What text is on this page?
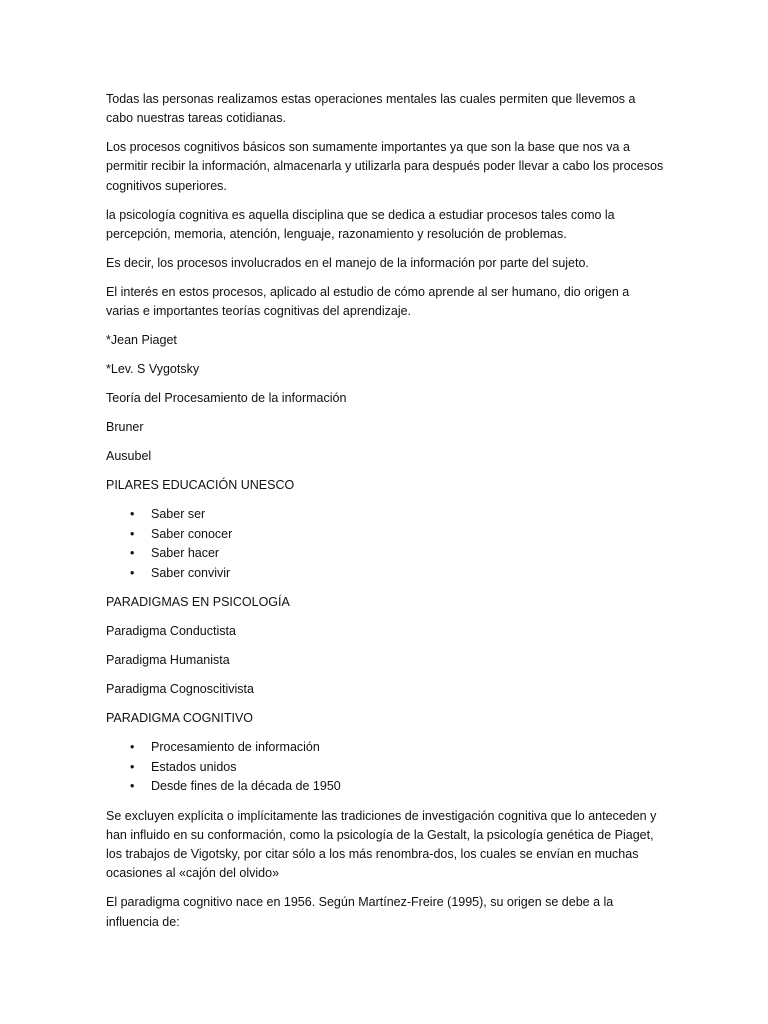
Todas las personas realizamos estas operaciones mentales las cuales permiten que llevemos a cabo nuestras tareas cotidianas.

Los procesos cognitivos básicos son sumamente importantes ya que son la base que nos va a permitir recibir la información, almacenarla y utilizarla para después poder llevar a cabo los procesos cognitivos superiores.

la psicología cognitiva es aquella disciplina que se dedica a estudiar procesos tales como la percepción, memoria, atención, lenguaje, razonamiento y resolución de problemas.

Es decir, los procesos involucrados en el manejo de la información por parte del sujeto.

El interés en estos procesos, aplicado al estudio de cómo aprende al ser humano, dio origen a varias e importantes teorías cognitivas del aprendizaje.

*Jean Piaget

*Lev. S Vygotsky

Teoría del Procesamiento de la información

Bruner

Ausubel

PILARES EDUCACIÓN UNESCO

• Saber ser
• Saber conocer
• Saber hacer
• Saber convivir

PARADIGMAS EN PSICOLOGÍA

Paradigma Conductista

Paradigma Humanista

Paradigma Cognoscitivista

PARADIGMA COGNITIVO

• Procesamiento de información
• Estados unidos
• Desde fines de la década de 1950

Se excluyen explícita o implícitamente las tradiciones de investigación cognitiva que lo anteceden y han influido en su conformación, como la psicología de la Gestalt, la psicología genética de Piaget, los trabajos de Vigotsky, por citar sólo a los más renombra-dos, los cuales se envían en muchas ocasiones al «cajón del olvido»

El paradigma cognitivo nace en 1956. Según Martínez-Freire (1995), su origen se debe a la influencia de:
